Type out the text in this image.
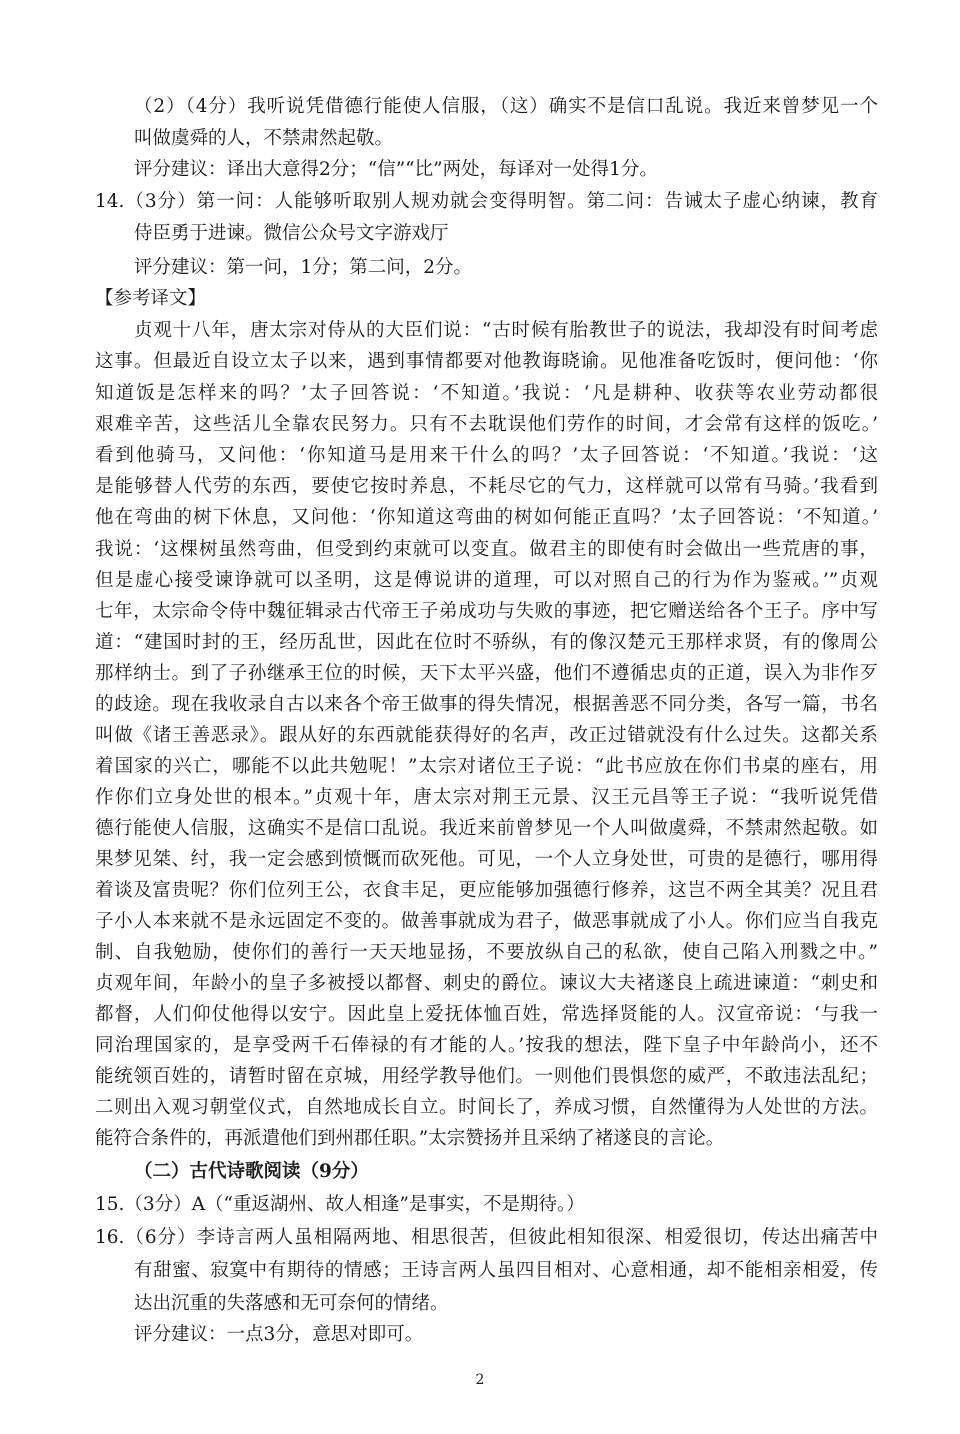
（2）（4分）我听说凭借德行能使人信服，（这）确实不是信口乱说。我近来曾梦见一个
叫做虞舜的人，不禁肃然起敬。
评分建议：译出大意得2分；“信”“比”两处，每译对一处得1分。
14.（3分）第一问：人能够听取别人规劝就会变得明智。第二问：告诫太子虚心纳谏，教育
侍臣勇于进谏。微信公众号文字游戏厅
评分建议：第一问，1分；第二问，2分。
【参考译文】
贞观十八年，唐太宗对侍从的大臣们说：“古时候有胎教世子的说法，我却没有时间考虑
这事。但最近自设立太子以来，遇到事情都要对他教诲晓谕。见他准备吃饭时，便问他：‘你
知道饭是怎样来的吗？’太子回答说：‘不知道。’我说：‘凡是耕种、收获等农业劳动都很
艰难辛苦，这些活儿全靠农民努力。只有不去耽误他们劳作的时间，才会常有这样的饭吃。’
看到他骑马，又问他：‘你知道马是用来干什么的吗？’太子回答说：‘不知道。’我说：‘这
是能够替人代劳的东西，要使它按时养息，不耗尽它的气力，这样就可以常有马骑。’我看到
他在弯曲的树下休息，又问他：‘你知道这弯曲的树如何能正直吗？’太子回答说：‘不知道。’
我说：‘这棵树虽然弯曲，但受到约束就可以变直。做君主的即使有时会做出一些荒唐的事，
但是虚心接受谏诤就可以圣明，这是傅说讲的道理，可以对照自己的行为作为鉴戒。’”贞观
七年，太宗命令侍中魏征辑录古代帝王子弟成功与失败的事迹，把它赠送给各个王子。序中写
道：“建国时封的王，经历乱世，因此在位时不骄纵，有的像汉楚元王那样求贤，有的像周公
那样纳士。到了子孙继承王位的时候，天下太平兴盛，他们不遵循忠贞的正道，误入为非作歹
的歧途。现在我收录自古以来各个帝王做事的得失情况，根据善恶不同分类，各写一篇，书名
叫做《诸王善恶录》。跟从好的东西就能获得好的名声，改正过错就没有什么过失。这都关系
着国家的兴亡，哪能不以此共勉呢！”太宗对诸位王子说：“此书应放在你们书桌的座右，用
作你们立身处世的根本。”贞观十年，唐太宗对荆王元景、汉王元昌等王子说：“我听说凭借
德行能使人信服，这确实不是信口乱说。我近来前曾梦见一个人叫做虞舜，不禁肃然起敬。如
果梦见桀、纣，我一定会感到愤慨而砍死他。可见，一个人立身处世，可贵的是德行，哪用得
着谈及富贵呢？你们位列王公，衣食丰足，更应能够加强德行修养，这岂不两全其美？况且君
子小人本来就不是永远固定不变的。做善事就成为君子，做恶事就成了小人。你们应当自我克
制、自我勉励，使你们的善行一天天地显扬，不要放纵自己的私欲，使自己陷入刑戮之中。”
贞观年间，年龄小的皇子多被授以都督、刺史的爵位。谏议大夫褚遂良上疏进谏道：“刺史和
都督，人们仰仗他得以安宁。因此皇上爱抚体恤百姓，常选择贤能的人。汉宣帝说：‘与我一
同治理国家的，是享受两千石俸禄的有才能的人。’按我的想法，陛下皇子中年龄尚小，还不
能统领百姓的，请暂时留在京城，用经学教导他们。一则他们畏惧您的威严，不敢违法乱纪；
二则出入观习朝堂仪式，自然地成长自立。时间长了，养成习惯，自然懂得为人处世的方法。
能符合条件的，再派遣他们到州郡任职。”太宗赞扬并且采纳了褚遂良的言论。
（二）古代诗歌阅读（9分）
15.（3分）A（“重返湖州、故人相逢”是事实，不是期待。）
16.（6分）李诗言两人虽相隔两地、相思很苦，但彼此相知很深、相爱很切，传达出痛苦中
有甜蜜、寂寞中有期待的情感；王诗言两人虽四目相对、心意相通，却不能相亲相爱，传
达出沉重的失落感和无可奈何的情绪。
评分建议：一点3分，意思对即可。
2
